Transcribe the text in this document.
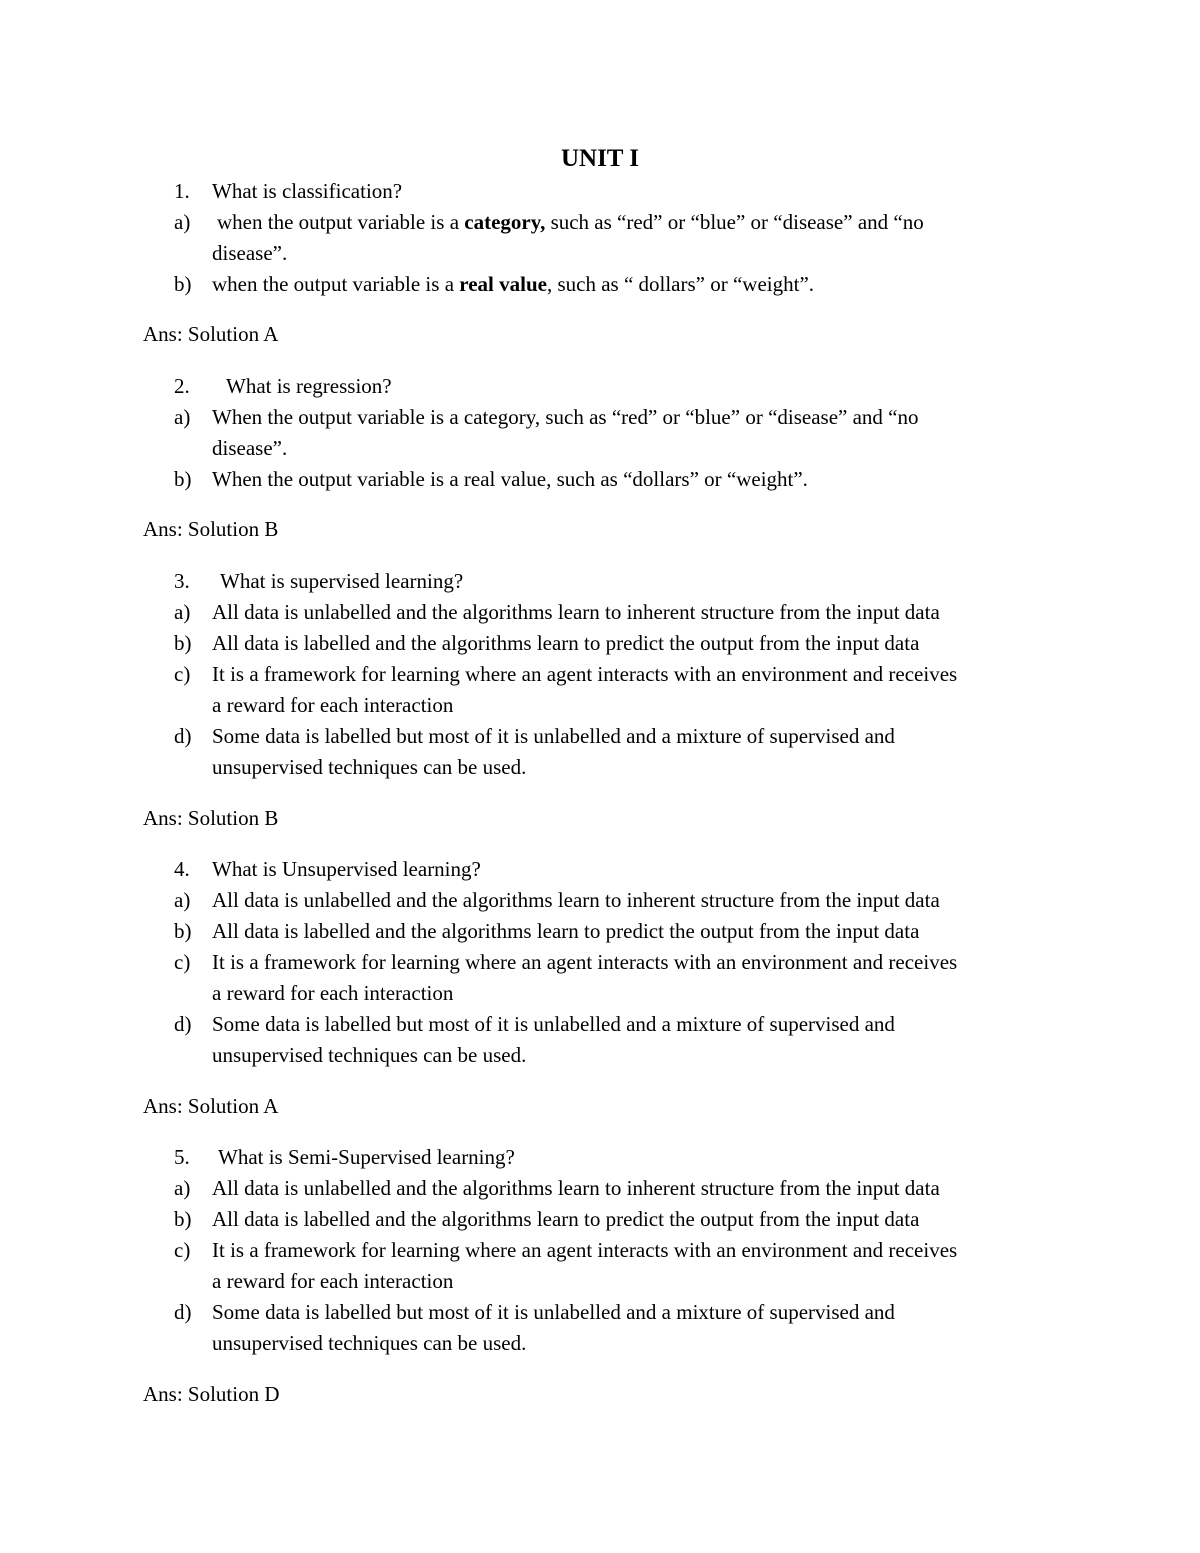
UNIT I
1. What is classification?
a) when the output variable is a category, such as “red” or “blue” or “disease” and “no
disease”.
b) when the output variable is a real value, such as “ dollars” or “weight”.
Ans: Solution A
2. What is regression?
a) When the output variable is a category, such as “red” or “blue” or “disease” and “no
disease”.
b) When the output variable is a real value, such as “dollars” or “weight”.
Ans: Solution B
3. What is supervised learning?
a) All data is unlabelled and the algorithms learn to inherent structure from the input data
b) All data is labelled and the algorithms learn to predict the output from the input data
c) It is a framework for learning where an agent interacts with an environment and receives
a reward for each interaction
d) Some data is labelled but most of it is unlabelled and a mixture of supervised and
unsupervised techniques can be used.
Ans: Solution B
4. What is Unsupervised learning?
a) All data is unlabelled and the algorithms learn to inherent structure from the input data
b) All data is labelled and the algorithms learn to predict the output from the input data
c) It is a framework for learning where an agent interacts with an environment and receives
a reward for each interaction
d) Some data is labelled but most of it is unlabelled and a mixture of supervised and
unsupervised techniques can be used.
Ans: Solution A
5. What is Semi-Supervised learning?
a) All data is unlabelled and the algorithms learn to inherent structure from the input data
b) All data is labelled and the algorithms learn to predict the output from the input data
c) It is a framework for learning where an agent interacts with an environment and receives
a reward for each interaction
d) Some data is labelled but most of it is unlabelled and a mixture of supervised and
unsupervised techniques can be used.
Ans: Solution D
